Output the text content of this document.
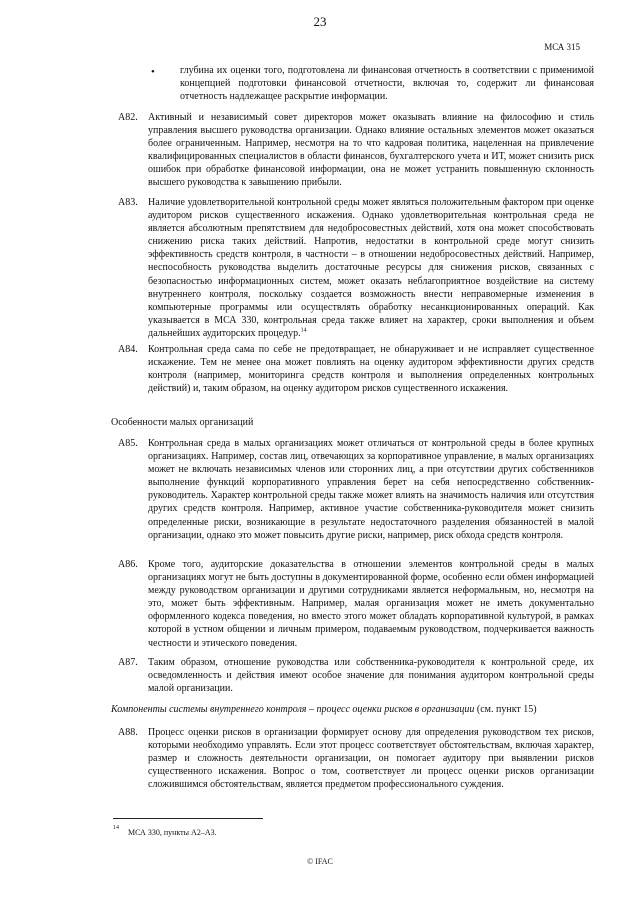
23
МСА 315
•	глубина их оценки того, подготовлена ли финансовая отчетность в соответствии с применимой концепцией подготовки финансовой отчетности, включая то, содержит ли финансовая отчетность надлежащее раскрытие информации.
A82. Активный и независимый совет директоров может оказывать влияние на философию и стиль управления высшего руководства организации. Однако влияние остальных элементов может оказаться более ограниченным. Например, несмотря на то что кадровая политика, нацеленная на привлечение квалифицированных специалистов в области финансов, бухгалтерского учета и ИТ, может снизить риск ошибок при обработке финансовой информации, она не может устранить повышенную склонность высшего руководства к завышению прибыли.
A83. Наличие удовлетворительной контрольной среды может являться положительным фактором при оценке аудитором рисков существенного искажения. Однако удовлетворительная контрольная среда не является абсолютным препятствием для недобросовестных действий, хотя она может способствовать снижению риска таких действий. Напротив, недостатки в контрольной среде могут снизить эффективность средств контроля, в частности – в отношении недобросовестных действий. Например, неспособность руководства выделить достаточные ресурсы для снижения рисков, связанных с безопасностью информационных систем, может оказать неблагоприятное воздействие на систему внутреннего контроля, поскольку создается возможность внести неправомерные изменения в компьютерные программы или осуществлять обработку несанкционированных операций. Как указывается в МСА 330, контрольная среда также влияет на характер, сроки выполнения и объем дальнейших аудиторских процедур.$^{14}$
A84. Контрольная среда сама по себе не предотвращает, не обнаруживает и не исправляет существенное искажение. Тем не менее она может повлиять на оценку аудитором эффективности других средств контроля (например, мониторинга средств контроля и выполнения определенных контрольных действий) и, таким образом, на оценку аудитором рисков существенного искажения.
Особенности малых организаций
A85. Контрольная среда в малых организациях может отличаться от контрольной среды в более крупных организациях. Например, состав лиц, отвечающих за корпоративное управление, в малых организациях может не включать независимых членов или сторонних лиц, а при отсутствии других собственников выполнение функций корпоративного управления берет на себя непосредственно собственник-руководитель. Характер контрольной среды также может влиять на значимость наличия или отсутствия других средств контроля. Например, активное участие собственника-руководителя может снизить определенные риски, возникающие в результате недостаточного разделения обязанностей в малой организации, однако это может повысить другие риски, например, риск обхода средств контроля.
A86. Кроме того, аудиторские доказательства в отношении элементов контрольной среды в малых организациях могут не быть доступны в документированной форме, особенно если обмен информацией между руководством организации и другими сотрудниками является неформальным, но, несмотря на это, может быть эффективным. Например, малая организация может не иметь документально оформленного кодекса поведения, но вместо этого может обладать корпоративной культурой, в рамках которой в устном общении и личным примером, подаваемым руководством, подчеркивается важность честности и этического поведения.
A87. Таким образом, отношение руководства или собственника-руководителя к контрольной среде, их осведомленность и действия имеют особое значение для понимания аудитором контрольной среды малой организации.
Компоненты системы внутреннего контроля – процесс оценки рисков в организации (см. пункт 15)
A88. Процесс оценки рисков в организации формирует основу для определения руководством тех рисков, которыми необходимо управлять. Если этот процесс соответствует обстоятельствам, включая характер, размер и сложность деятельности организации, он помогает аудитору при выявлении рисков существенного искажения. Вопрос о том, соответствует ли процесс оценки рисков организации сложившимся обстоятельствам, является предметом профессионального суждения.
14 МСА 330, пункты A2–A3.
© IFAC
